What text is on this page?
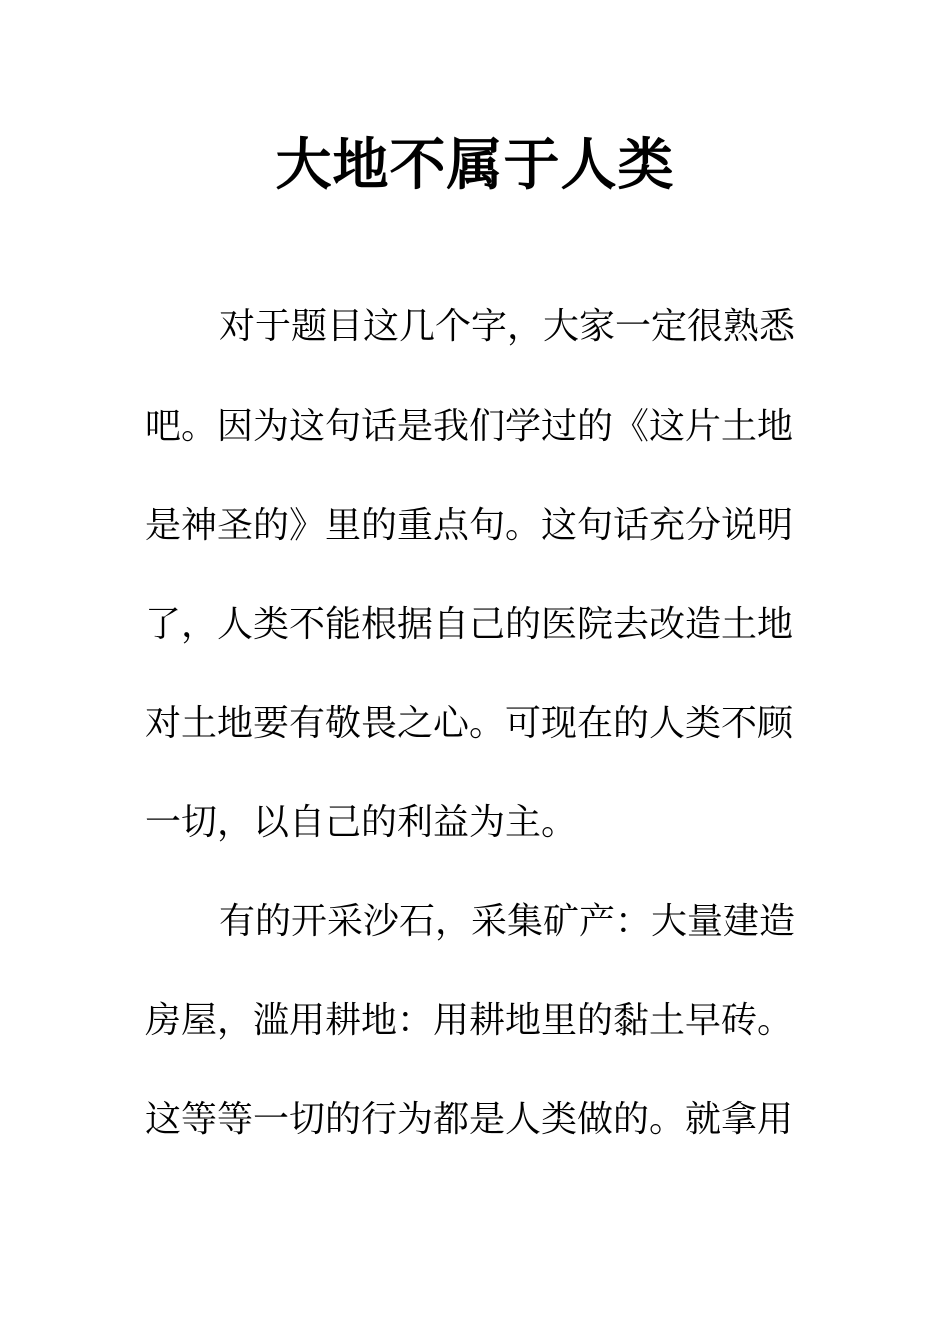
大地不属于人类
对于题目这几个字，大家一定很熟悉
吧。因为这句话是我们学过的《这片土地
是神圣的》里的重点句。这句话充分说明
了，人类不能根据自己的医院去改造土地
对土地要有敬畏之心。可现在的人类不顾
一切，以自己的利益为主。
有的开采沙石，采集矿产：大量建造
房屋，滥用耕地：用耕地里的黏土早砖。
这等等一切的行为都是人类做的。就拿用
